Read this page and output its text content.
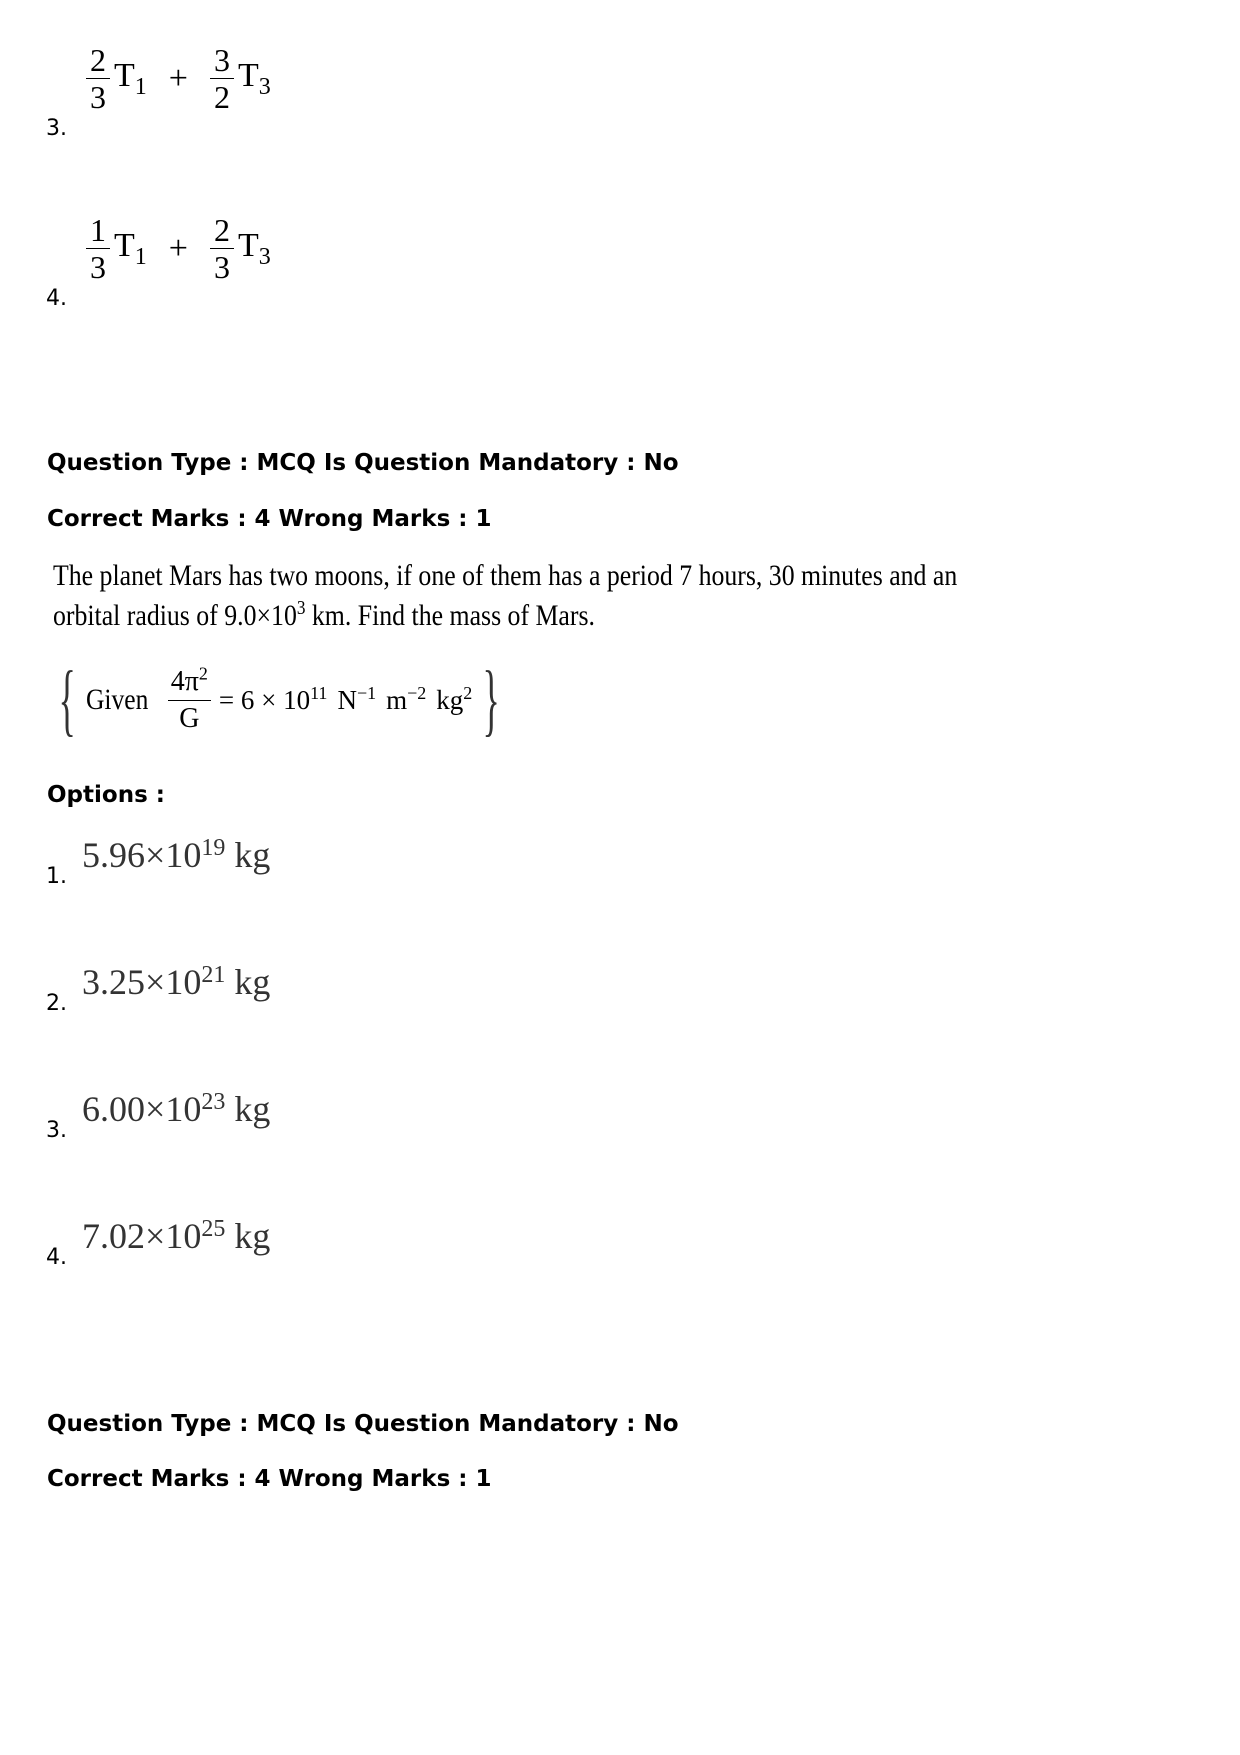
3.
$\frac{2}{3} T_1 + \frac{3}{2} T_3$
4.
$\frac{1}{3} T_1 + \frac{2}{3} T_3$
Question Type : MCQ Is Question Mandatory : No
Correct Marks : 4 Wrong Marks : 1
The planet Mars has two moons, if one of them has a period 7 hours, 30 minutes and an
orbital radius of $9.0\times 10^3$ km. Find the mass of Mars.
{ Given $\frac{4\pi^2}{G} = 6 \times 10^{11}$ $N^{-1}$ $m^{-2}$ $kg^2$ }
Options :
1.
$5.96\times 10^{19}$ kg
2.
$3.25\times 10^{21}$ kg
3.
$6.00\times 10^{23}$ kg
4.
$7.02\times 10^{25}$ kg
Question Type : MCQ Is Question Mandatory : No
Correct Marks : 4 Wrong Marks : 1
